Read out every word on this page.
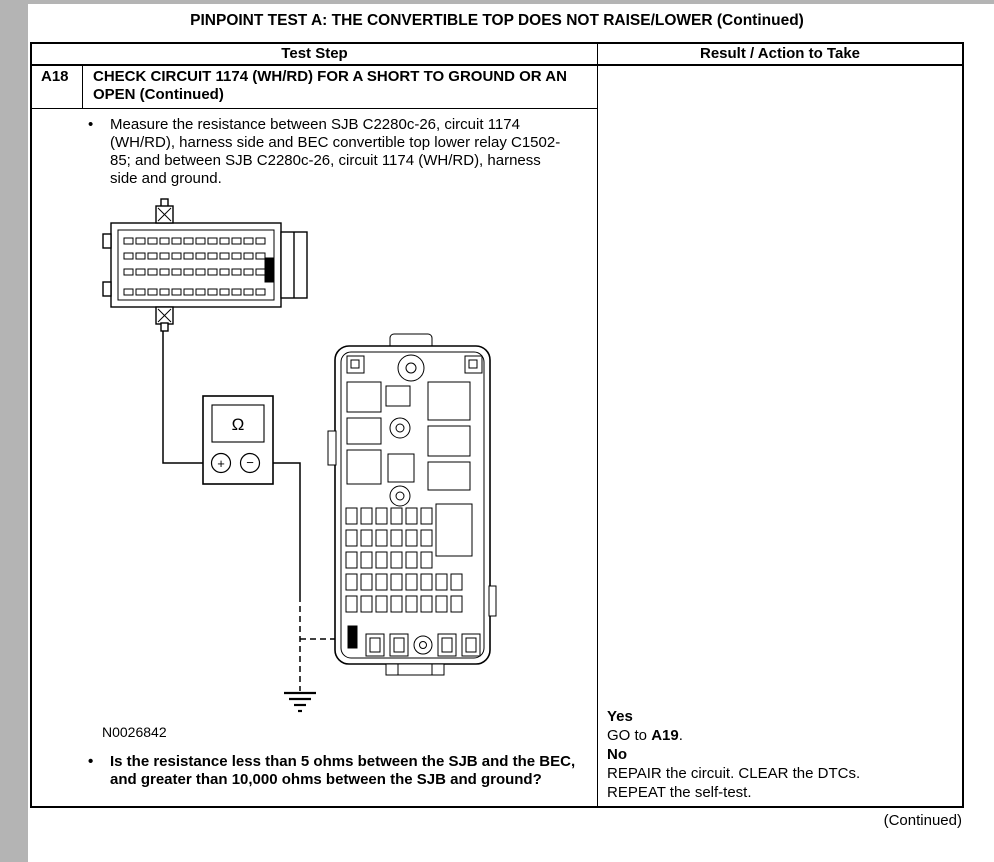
PINPOINT TEST A: THE CONVERTIBLE TOP DOES NOT RAISE/LOWER (Continued)
Test Step	Result / Action to Take
A18	CHECK CIRCUIT 1174 (WH/RD) FOR A SHORT TO GROUND OR AN OPEN (Continued)
•	Measure the resistance between SJB C2280c-26, circuit 1174 (WH/RD), harness side and BEC convertible top lower relay C1502-85; and between SJB C2280c-26, circuit 1174 (WH/RD), harness side and ground.
Ω
+ −
N0026842
•	Is the resistance less than 5 ohms between the SJB and the BEC, and greater than 10,000 ohms between the SJB and ground?
Yes
GO to A19.
No
REPAIR the circuit. CLEAR the DTCs.
REPEAT the self-test.
(Continued)
